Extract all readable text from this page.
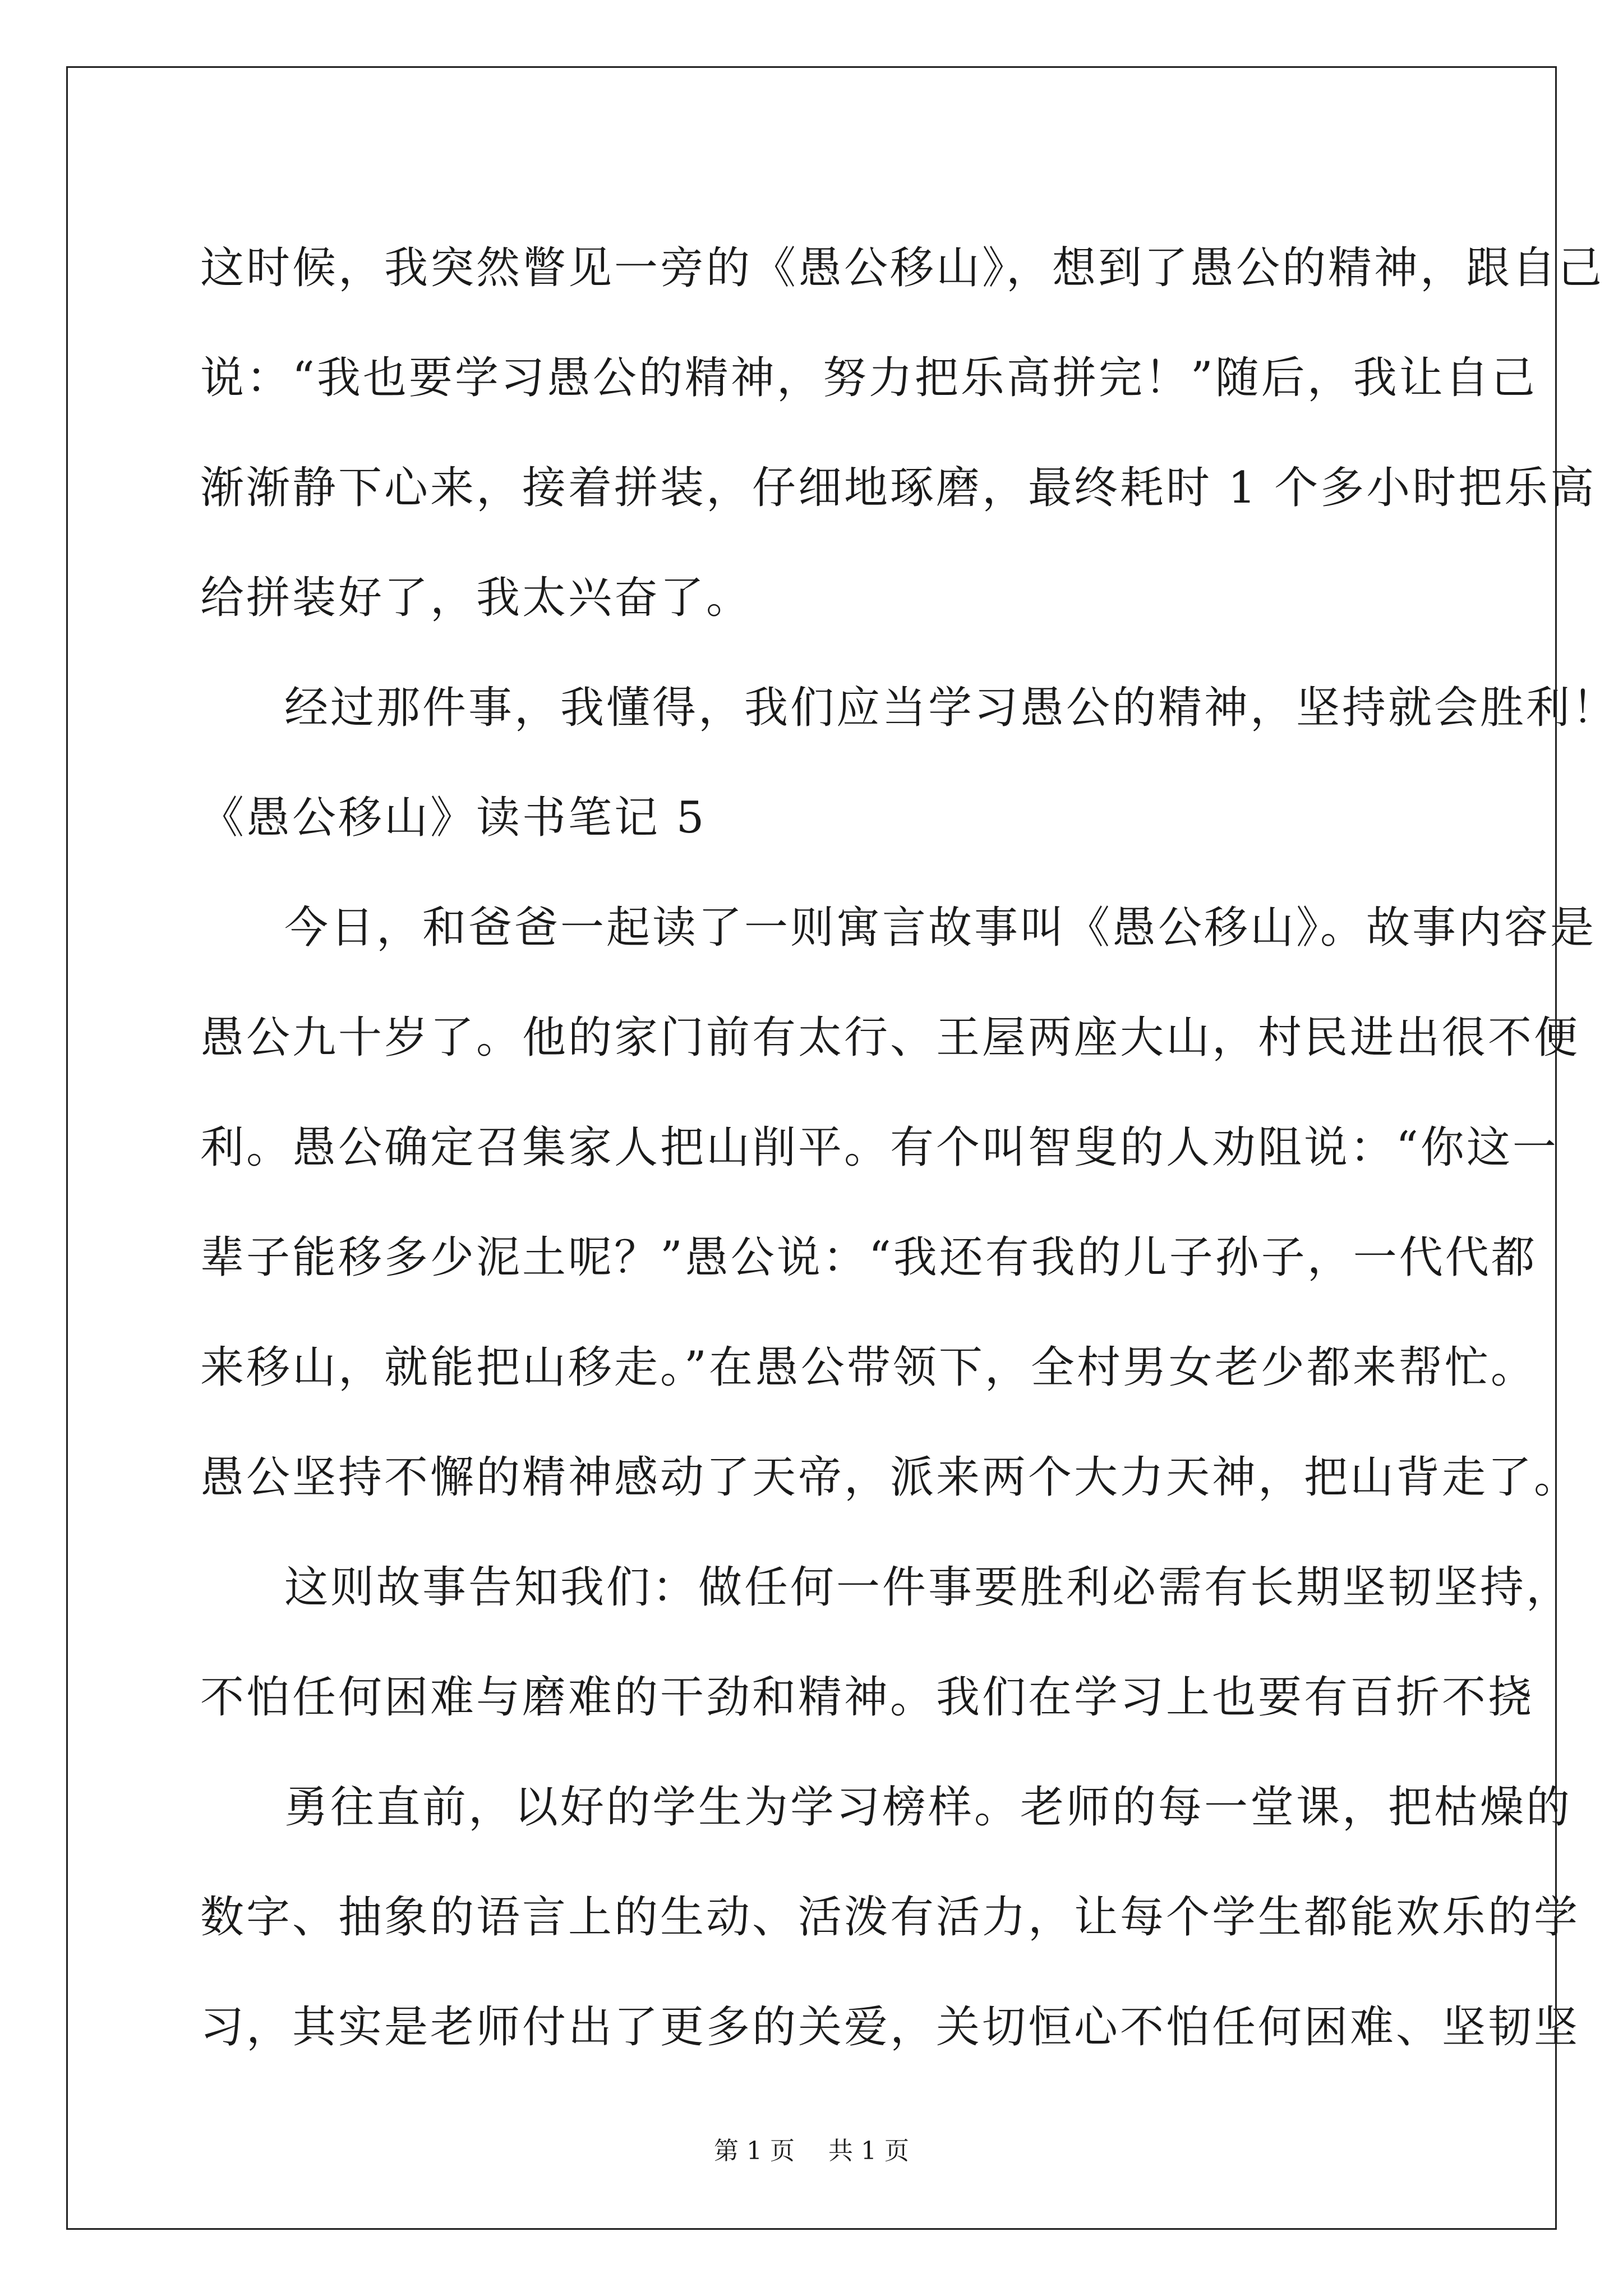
这时候，我突然瞥见一旁的《愚公移山》，想到了愚公的精神，跟自己
说：“我也要学习愚公的精神，努力把乐高拼完！”随后，我让自己
渐渐静下心来，接着拼装，仔细地琢磨，最终耗时 1 个多小时把乐高
给拼装好了，我太兴奋了。
经过那件事，我懂得，我们应当学习愚公的精神，坚持就会胜利！
《愚公移山》读书笔记 5
今日，和爸爸一起读了一则寓言故事叫《愚公移山》。故事内容是
愚公九十岁了。他的家门前有太行、王屋两座大山，村民进出很不便
利。愚公确定召集家人把山削平。有个叫智叟的人劝阻说：“你这一
辈子能移多少泥土呢？”愚公说：“我还有我的儿子孙子，一代代都
来移山，就能把山移走。”在愚公带领下，全村男女老少都来帮忙。
愚公坚持不懈的精神感动了天帝，派来两个大力天神，把山背走了。
这则故事告知我们：做任何一件事要胜利必需有长期坚韧坚持，
不怕任何困难与磨难的干劲和精神。我们在学习上也要有百折不挠
勇往直前，以好的学生为学习榜样。老师的每一堂课，把枯燥的
数字、抽象的语言上的生动、活泼有活力，让每个学生都能欢乐的学
习，其实是老师付出了更多的关爱，关切恒心不怕任何困难、坚韧坚
第 1 页 共 1 页
